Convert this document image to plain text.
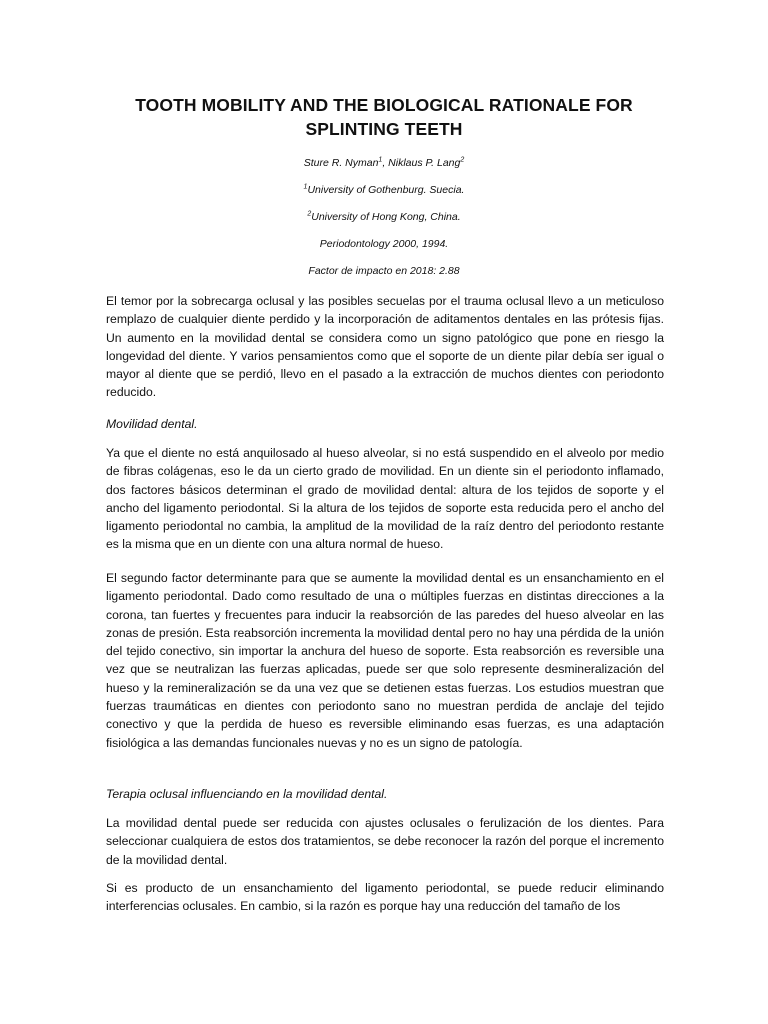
TOOTH MOBILITY AND THE BIOLOGICAL RATIONALE FOR
SPLINTING TEETH
Sture R. Nyman$^1$, Niklaus P. Lang$^2$
$^1$University of Gothenburg. Suecia.
$^2$University of Hong Kong, China.
Periodontology 2000, 1994.
Factor de impacto en 2018: 2.88

El temor por la sobrecarga oclusal y las posibles secuelas por el trauma oclusal llevo a un meticuloso remplazo de cualquier diente perdido y la incorporación de aditamentos dentales en las prótesis fijas. Un aumento en la movilidad dental se considera como un signo patológico que pone en riesgo la longevidad del diente. Y varios pensamientos como que el soporte de un diente pilar debía ser igual o mayor al diente que se perdió, llevo en el pasado a la extracción de muchos dientes con periodonto reducido.

Movilidad dental.

Ya que el diente no está anquilosado al hueso alveolar, si no está suspendido en el alveolo por medio de fibras colágenas, eso le da un cierto grado de movilidad. En un diente sin el periodonto inflamado, dos factores básicos determinan el grado de movilidad dental: altura de los tejidos de soporte y el ancho del ligamento periodontal. Si la altura de los tejidos de soporte esta reducida pero el ancho del ligamento periodontal no cambia, la amplitud de la movilidad de la raíz dentro del periodonto restante es la misma que en un diente con una altura normal de hueso.

El segundo factor determinante para que se aumente la movilidad dental es un ensanchamiento en el ligamento periodontal. Dado como resultado de una o múltiples fuerzas en distintas direcciones a la corona, tan fuertes y frecuentes para inducir la reabsorción de las paredes del hueso alveolar en las zonas de presión. Esta reabsorción incrementa la movilidad dental pero no hay una pérdida de la unión del tejido conectivo, sin importar la anchura del hueso de soporte. Esta reabsorción es reversible una vez que se neutralizan las fuerzas aplicadas, puede ser que solo represente desmineralización del hueso y la remineralización se da una vez que se detienen estas fuerzas. Los estudios muestran que fuerzas traumáticas en dientes con periodonto sano no muestran perdida de anclaje del tejido conectivo y que la perdida de hueso es reversible eliminando esas fuerzas, es una adaptación fisiológica a las demandas funcionales nuevas y no es un signo de patología.

Terapia oclusal influenciando en la movilidad dental.

La movilidad dental puede ser reducida con ajustes oclusales o ferulización de los dientes. Para seleccionar cualquiera de estos dos tratamientos, se debe reconocer la razón del porque el incremento de la movilidad dental.

Si es producto de un ensanchamiento del ligamento periodontal, se puede reducir eliminando interferencias oclusales. En cambio, si la razón es porque hay una reducción del tamaño de los
